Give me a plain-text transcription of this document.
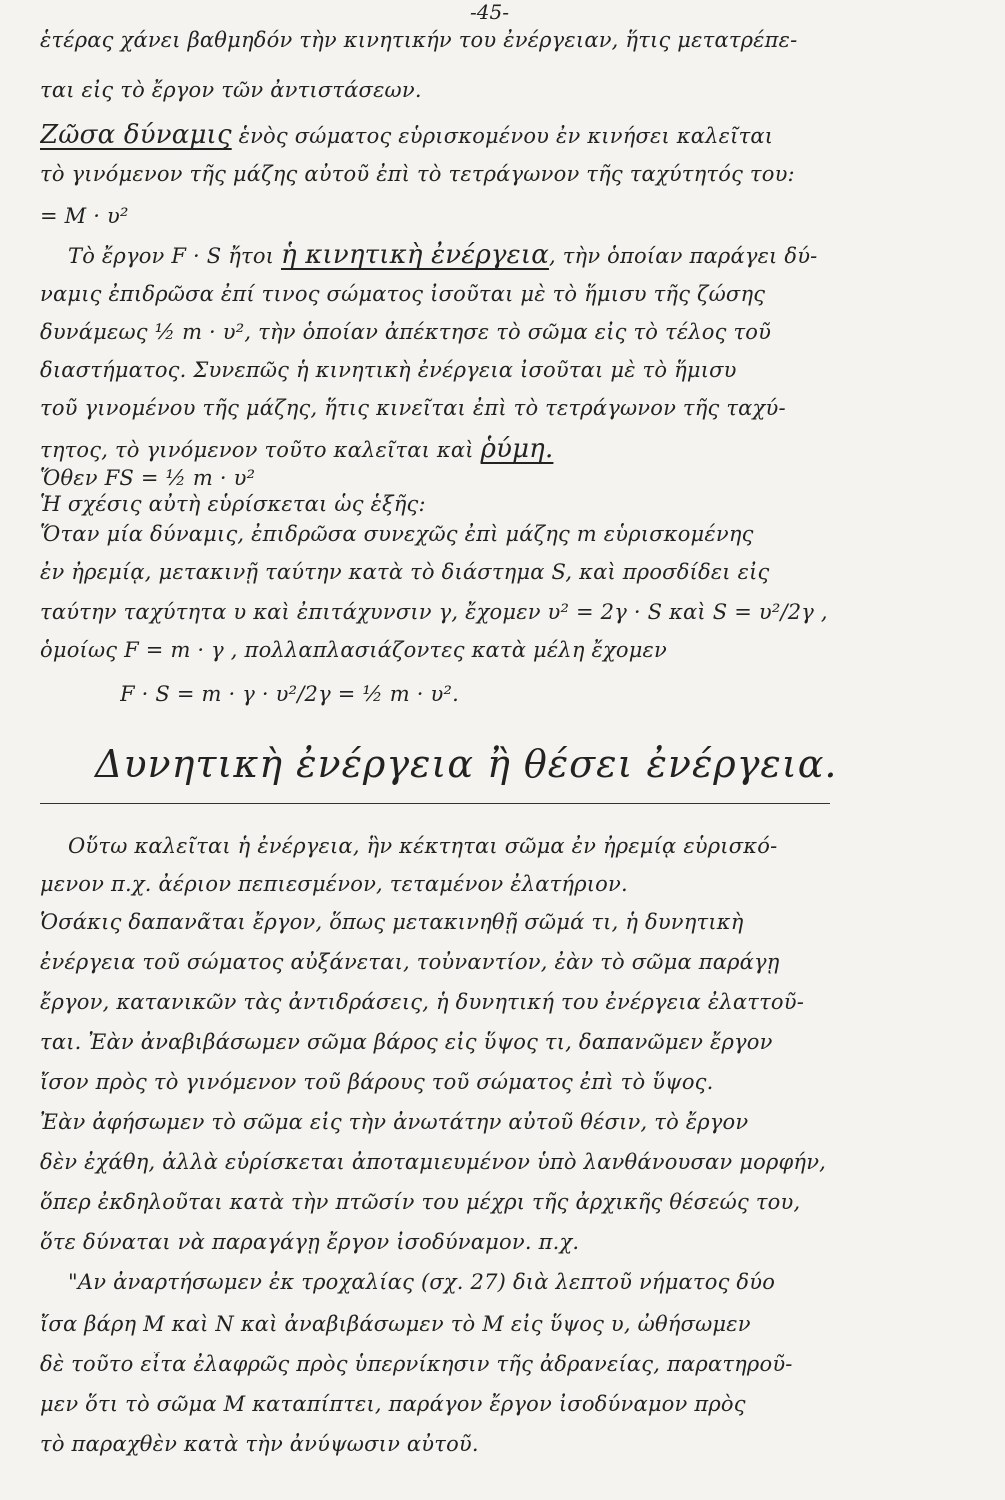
-45-
ἑτέρας χάνει βαθμηδόν τὴν κινητικήν του ἐνέργειαν, ἥτις μετατρέπε-
ται εἰς τὸ ἔργον τῶν ἀντιστάσεων.
Ζῶσα δύναμις ἑνὸς σώματος εὑρισκομένου ἐν κινήσει καλεῖται
τὸ γινόμενον τῆς μάζης αὐτοῦ ἐπὶ τὸ τετράγωνον τῆς ταχύτητός του:
= M · υ²
Τὸ ἔργον F · S ἤτοι ἡ κινητικὴ ἐνέργεια, τὴν ὁποίαν παράγει δύ-
ναμις ἐπιδρῶσα ἐπί τινος σώματος ἰσοῦται μὲ τὸ ἥμισυ τῆς ζώσης
δυνάμεως ½ m · υ², τὴν ὁποίαν ἀπέκτησε τὸ σῶμα εἰς τὸ τέλος τοῦ
διαστήματος. Συνεπῶς ἡ κινητικὴ ἐνέργεια ἰσοῦται μὲ τὸ ἥμισυ
τοῦ γινομένου τῆς μάζης, ἥτις κινεῖται ἐπὶ τὸ τετράγωνον τῆς ταχύ-
τητος, τὸ γινόμενον τοῦτο καλεῖται καὶ ῥύμη.
Ὅθεν FS = ½ m · υ²
Ἡ σχέσις αὐτὴ εὑρίσκεται ὡς ἑξῆς:
Ὅταν μία δύναμις, ἐπιδρῶσα συνεχῶς ἐπὶ μάζης m εὑρισκομένης
ἐν ἠρεμίᾳ, μετακινῇ ταύτην κατὰ τὸ διάστημα S, καὶ προσδίδει εἰς
ταύτην ταχύτητα υ καὶ ἐπιτάχυνσιν γ, ἔχομεν υ² = 2γ · S καὶ S = υ²/2γ ,
ὁμοίως F = m · γ , πολλαπλασιάζοντες κατὰ μέλη ἔχομεν
F · S = m · γ · υ²/2γ = ½ m · υ².
Δυνητικὴ ἐνέργεια ἢ θέσει ἐνέργεια.
Οὕτω καλεῖται ἡ ἐνέργεια, ἣν κέκτηται σῶμα ἐν ἠρεμίᾳ εὑρισκό-
μενον π.χ. ἀέριον πεπιεσμένον, τεταμένον ἐλατήριον.
Ὁσάκις δαπανᾶται ἔργον, ὅπως μετακινηθῇ σῶμά τι, ἡ δυνητικὴ
ἐνέργεια τοῦ σώματος αὐξάνεται, τοὐναντίον, ἐὰν τὸ σῶμα παράγῃ
ἔργον, κατανικῶν τὰς ἀντιδράσεις, ἡ δυνητική του ἐνέργεια ἐλαττοῦ-
ται. Ἐὰν ἀναβιβάσωμεν σῶμα βάρος εἰς ὕψος τι, δαπανῶμεν ἔργον
ἴσον πρὸς τὸ γινόμενον τοῦ βάρους τοῦ σώματος ἐπὶ τὸ ὕψος.
Ἐὰν ἀφήσωμεν τὸ σῶμα εἰς τὴν ἀνωτάτην αὐτοῦ θέσιν, τὸ ἔργον
δὲν ἐχάθη, ἀλλὰ εὑρίσκεται ἀποταμιευμένον ὑπὸ λανθάνουσαν μορφήν,
ὅπερ ἐκδηλοῦται κατὰ τὴν πτῶσίν του μέχρι τῆς ἀρχικῆς θέσεώς του,
ὅτε δύναται νὰ παραγάγῃ ἔργον ἰσοδύναμον. π.χ.
"Αν ἀναρτήσωμεν ἐκ τροχαλίας (σχ. 27) διὰ λεπτοῦ νήματος δύο
ἴσα βάρη M καὶ N καὶ ἀναβιβάσωμεν τὸ M εἰς ὕψος υ, ὠθήσωμεν
δὲ τοῦτο εἶτα ἐλαφρῶς πρὸς ὑπερνίκησιν τῆς ἀδρανείας, παρατηροῦ-
μεν ὅτι τὸ σῶμα M καταπίπτει, παράγον ἔργον ἰσοδύναμον πρὸς
τὸ παραχθὲν κατὰ τὴν ἀνύψωσιν αὐτοῦ.
